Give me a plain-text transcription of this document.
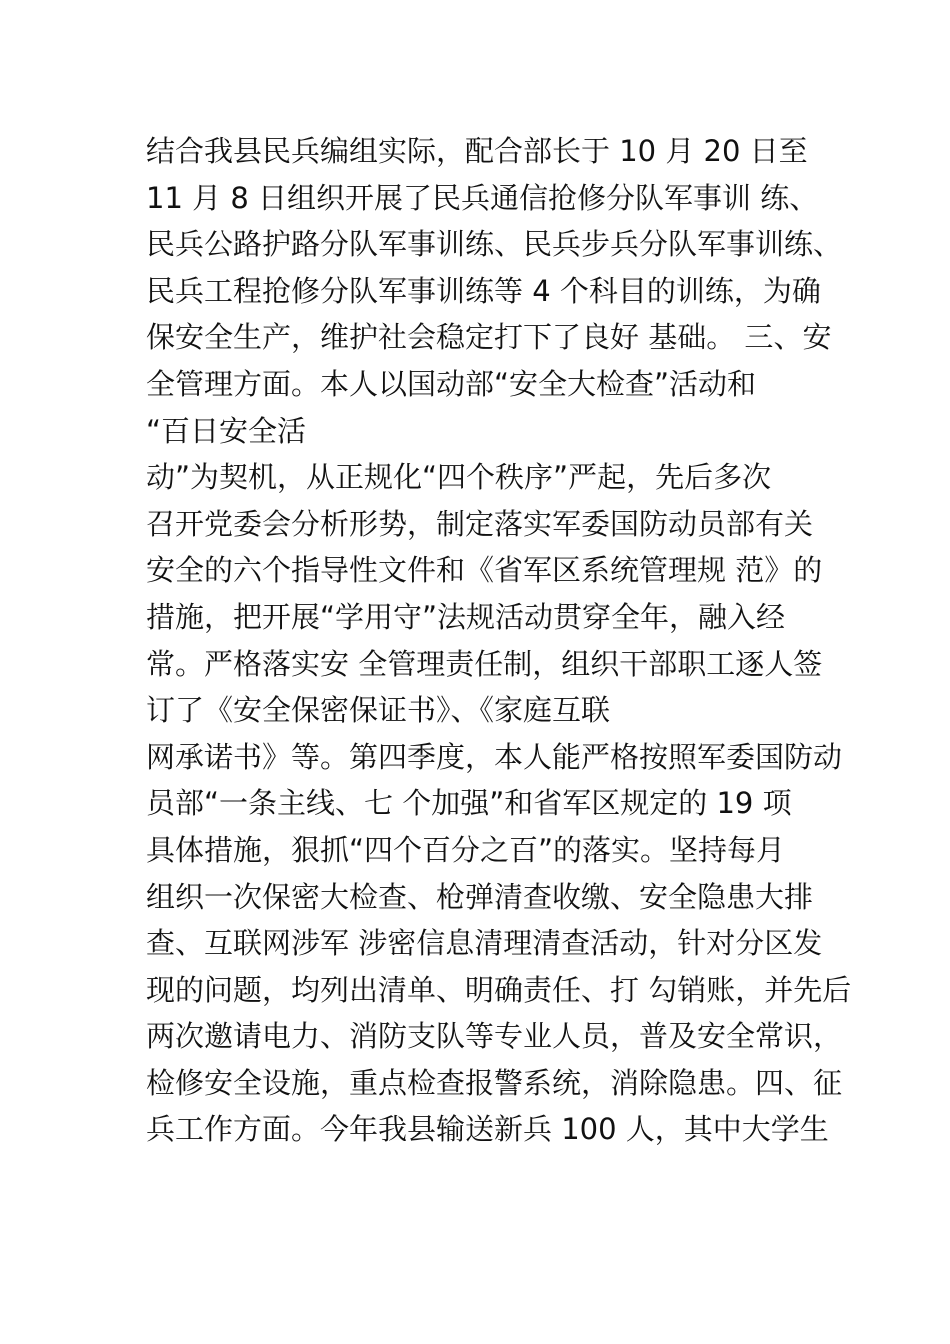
结合我县民兵编组实际，配合部长于 10 月 20 日至
11 月 8 日组织开展了民兵通信抢修分队军事训 练、
民兵公路护路分队军事训练、民兵步兵分队军事训练、
民兵工程抢修分队军事训练等 4 个科目的训练，为确
保安全生产，维护社会稳定打下了良好 基础。 三、安
全管理方面。本人以国动部“安全大检查”活动和
“百日安全活
动”为契机，从正规化“四个秩序”严起，先后多次
召开党委会分析形势，制定落实军委国防动员部有关
安全的六个指导性文件和《省军区系统管理规 范》的
措施，把开展“学用守”法规活动贯穿全年，融入经
常。严格落实安 全管理责任制，组织干部职工逐人签
订了《安全保密保证书》、《家庭互联
网承诺书》等。第四季度，本人能严格按照军委国防动
员部“一条主线、七 个加强”和省军区规定的 19 项
具体措施，狠抓“四个百分之百”的落实。坚持每月
组织一次保密大检查、枪弹清查收缴、安全隐患大排
查、互联网涉军 涉密信息清理清查活动，针对分区发
现的问题，均列出清单、明确责任、打 勾销账，并先后
两次邀请电力、消防支队等专业人员，普及安全常识，
检修安全设施，重点检查报警系统，消除隐患。四、征
兵工作方面。今年我县输送新兵 100 人，其中大学生
